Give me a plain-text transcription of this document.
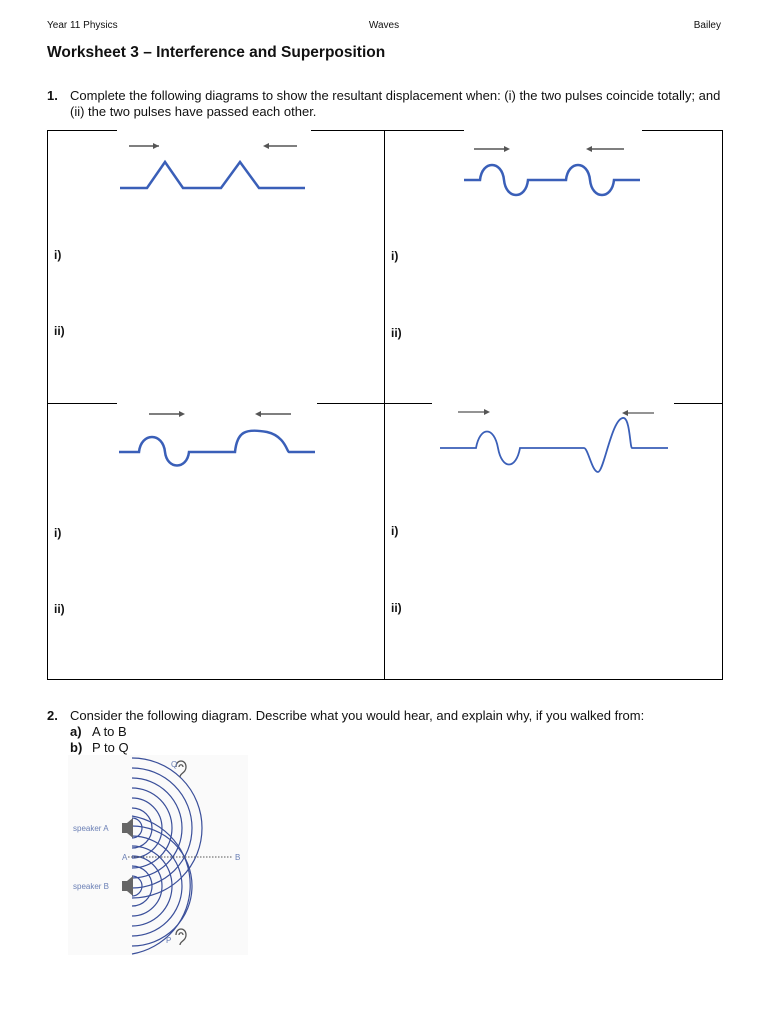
Year 11 Physics	Waves	Bailey
Worksheet 3 – Interference and Superposition
1. Complete the following diagrams to show the resultant displacement when: (i) the two pulses coincide totally; and (ii) the two pulses have passed each other.
i)
ii)
i)
ii)
i)
ii)
i)
ii)
2. Consider the following diagram. Describe what you would hear, and explain why, if you walked from:
a) A to B
b) P to Q
speaker A
speaker B
A	B
Q
P
